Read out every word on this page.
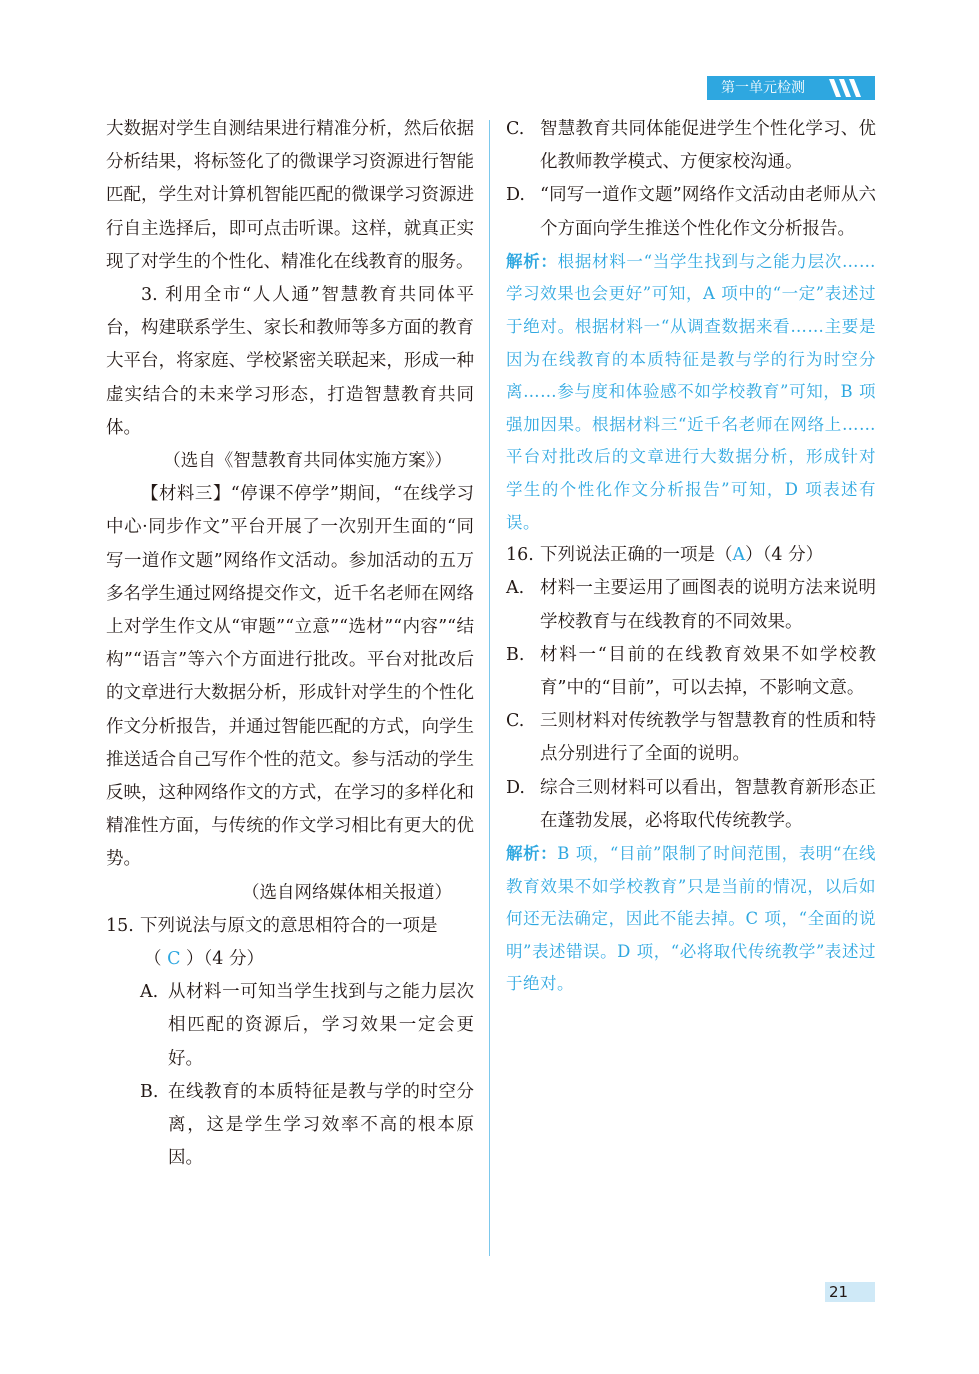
第一单元检测

大数据对学生自测结果进行精准分析，然后依据分析结果，将标签化了的微课学习资源进行智能匹配，学生对计算机智能匹配的微课学习资源进行自主选择后，即可点击听课。这样，就真正实现了对学生的个性化、精准化在线教育的服务。

3. 利用全市“人人通”智慧教育共同体平台，构建联系学生、家长和教师等多方面的教育大平台，将家庭、学校紧密关联起来，形成一种虚实结合的未来学习形态，打造智慧教育共同体。

（选自《智慧教育共同体实施方案》）

【材料三】“停课不停学”期间，“在线学习中心·同步作文”平台开展了一次别开生面的“同写一道作文题”网络作文活动。参加活动的五万多名学生通过网络提交作文，近千名老师在网络上对学生作文从“审题”“立意”“选材”“内容”“结构”“语言”等六个方面进行批改。平台对批改后的文章进行大数据分析，形成针对学生的个性化作文分析报告，并通过智能匹配的方式，向学生推送适合自己写作个性的范文。参与活动的学生反映，这种网络作文的方式，在学习的多样化和精准性方面，与传统的作文学习相比有更大的优势。

（选自网络媒体相关报道）

15. 下列说法与原文的意思相符合的一项是
（ C ）（4 分）
A. 从材料一可知当学生找到与之能力层次相匹配的资源后，学习效果一定会更好。
B. 在线教育的本质特征是教与学的时空分离，这是学生学习效率不高的根本原因。
C. 智慧教育共同体能促进学生个性化学习、优化教师教学模式、方便家校沟通。
D. “同写一道作文题”网络作文活动由老师从六个方面向学生推送个性化作文分析报告。

解析：根据材料一“当学生找到与之能力层次……学习效果也会更好”可知，A 项中的“一定”表述过于绝对。根据材料一“从调查数据来看……主要是因为在线教育的本质特征是教与学的行为时空分离……参与度和体验感不如学校教育”可知，B 项强加因果。根据材料三“近千名老师在网络上……平台对批改后的文章进行大数据分析，形成针对学生的个性化作文分析报告”可知，D 项表述有误。

16. 下列说法正确的一项是（A）（4 分）
A. 材料一主要运用了画图表的说明方法来说明学校教育与在线教育的不同效果。
B. 材料一“目前的在线教育效果不如学校教育”中的“目前”，可以去掉，不影响文意。
C. 三则材料对传统教学与智慧教育的性质和特点分别进行了全面的说明。
D. 综合三则材料可以看出，智慧教育新形态正在蓬勃发展，必将取代传统教学。

解析：B 项，“目前”限制了时间范围，表明“在线教育效果不如学校教育”只是当前的情况，以后如何还无法确定，因此不能去掉。C 项，“全面的说明”表述错误。D 项，“必将取代传统教学”表述过于绝对。

21
